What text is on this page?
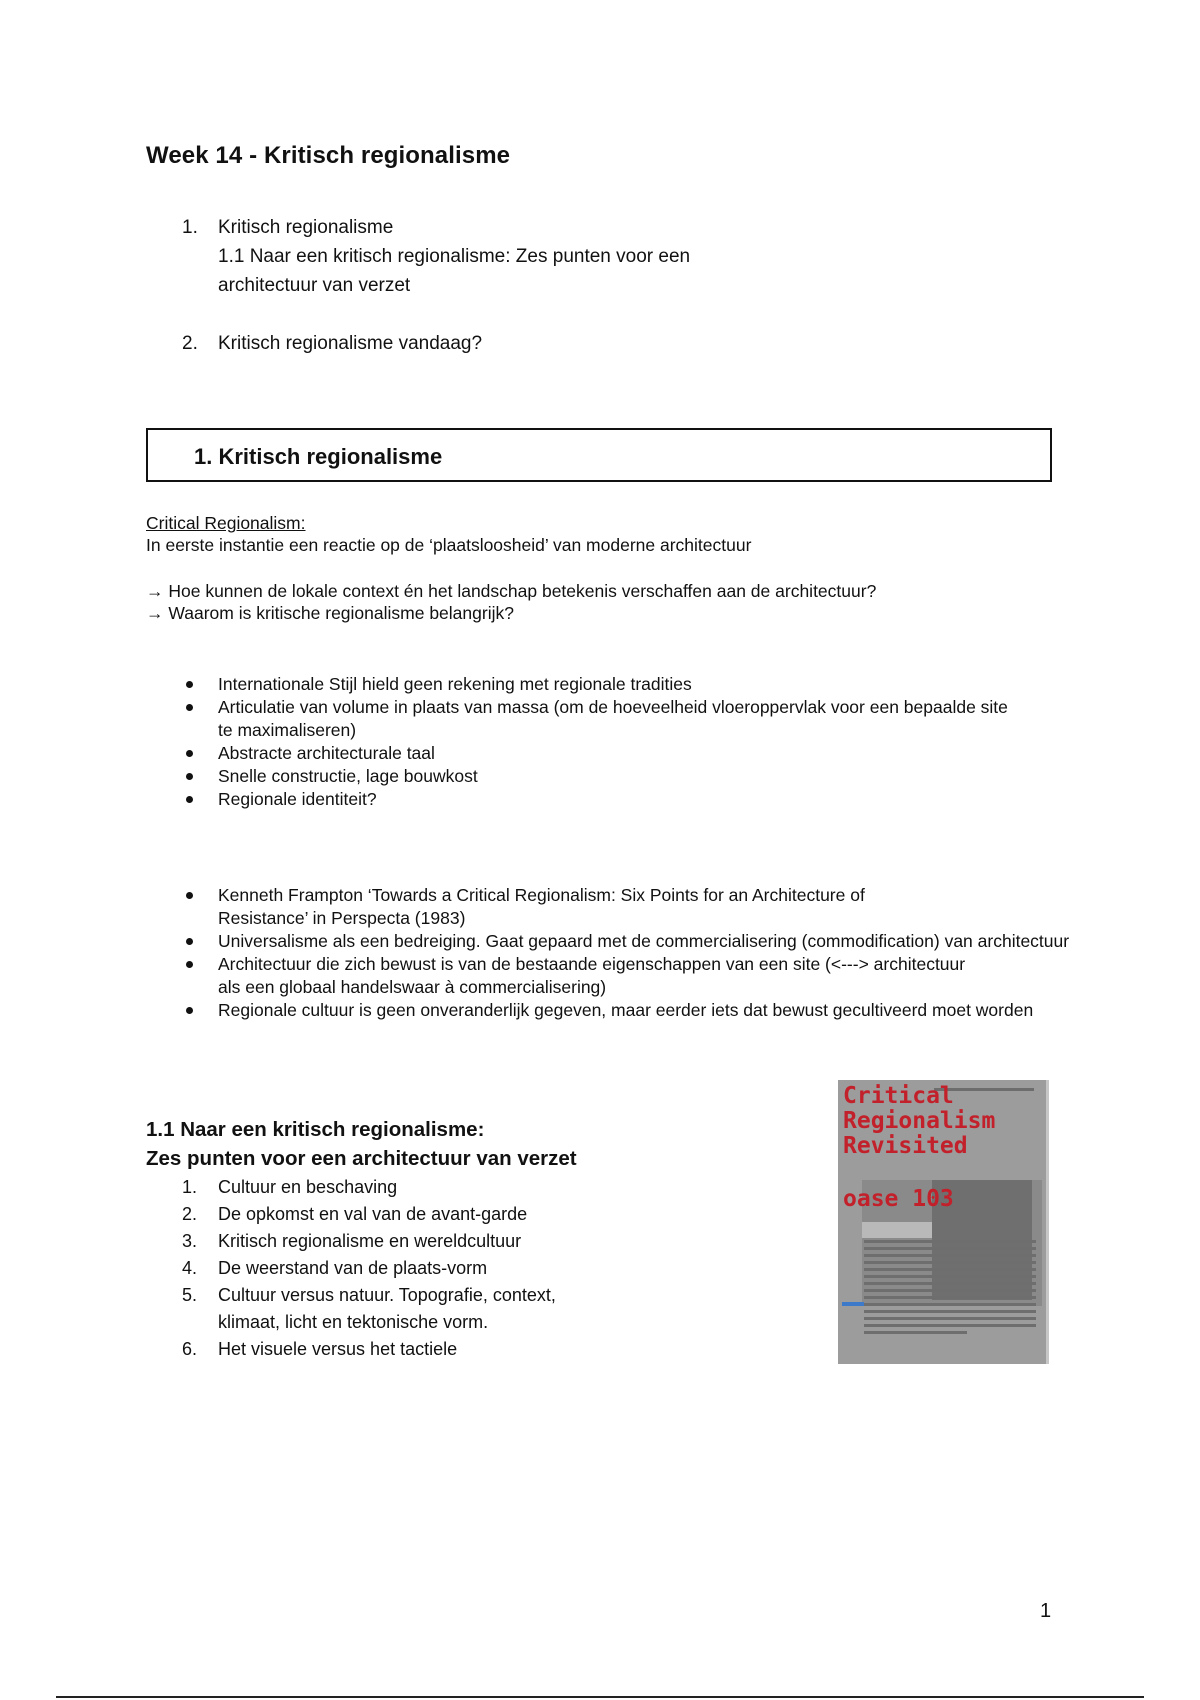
Week 14 - Kritisch regionalisme
1. Kritisch regionalisme
1.1 Naar een kritisch regionalisme: Zes punten voor een
architectuur van verzet
2. Kritisch regionalisme vandaag?
1. Kritisch regionalisme
Critical Regionalism:
In eerste instantie een reactie op de ‘plaatsloosheid’ van moderne architectuur
→ Hoe kunnen de lokale context én het landschap betekenis verschaffen aan de architectuur?
→ Waarom is kritische regionalisme belangrijk?
Internationale Stijl hield geen rekening met regionale tradities
Articulatie van volume in plaats van massa (om de hoeveelheid vloeroppervlak voor een bepaalde site te maximaliseren)
Abstracte architecturale taal
Snelle constructie, lage bouwkost
Regionale identiteit?
Kenneth Frampton ‘Towards a Critical Regionalism: Six Points for an Architecture of Resistance’ in Perspecta (1983)
Universalisme als een bedreiging. Gaat gepaard met de commercialisering (commodification) van architectuur
Architectuur die zich bewust is van de bestaande eigenschappen van een site (<---> architectuur als een globaal handelswaar à commercialisering)
Regionale cultuur is geen onveranderlijk gegeven, maar eerder iets dat bewust gecultiveerd moet worden
1.1 Naar een kritisch regionalisme:
Zes punten voor een architectuur van verzet
1. Cultuur en beschaving
2. De opkomst en val van de avant-garde
3. Kritisch regionalisme en wereldcultuur
4. De weerstand van de plaats-vorm
5. Cultuur versus natuur. Topografie, context, klimaat, licht en tektonische vorm.
6. Het visuele versus het tactiele
Critical
Regionalism
Revisited
oase 103
1
